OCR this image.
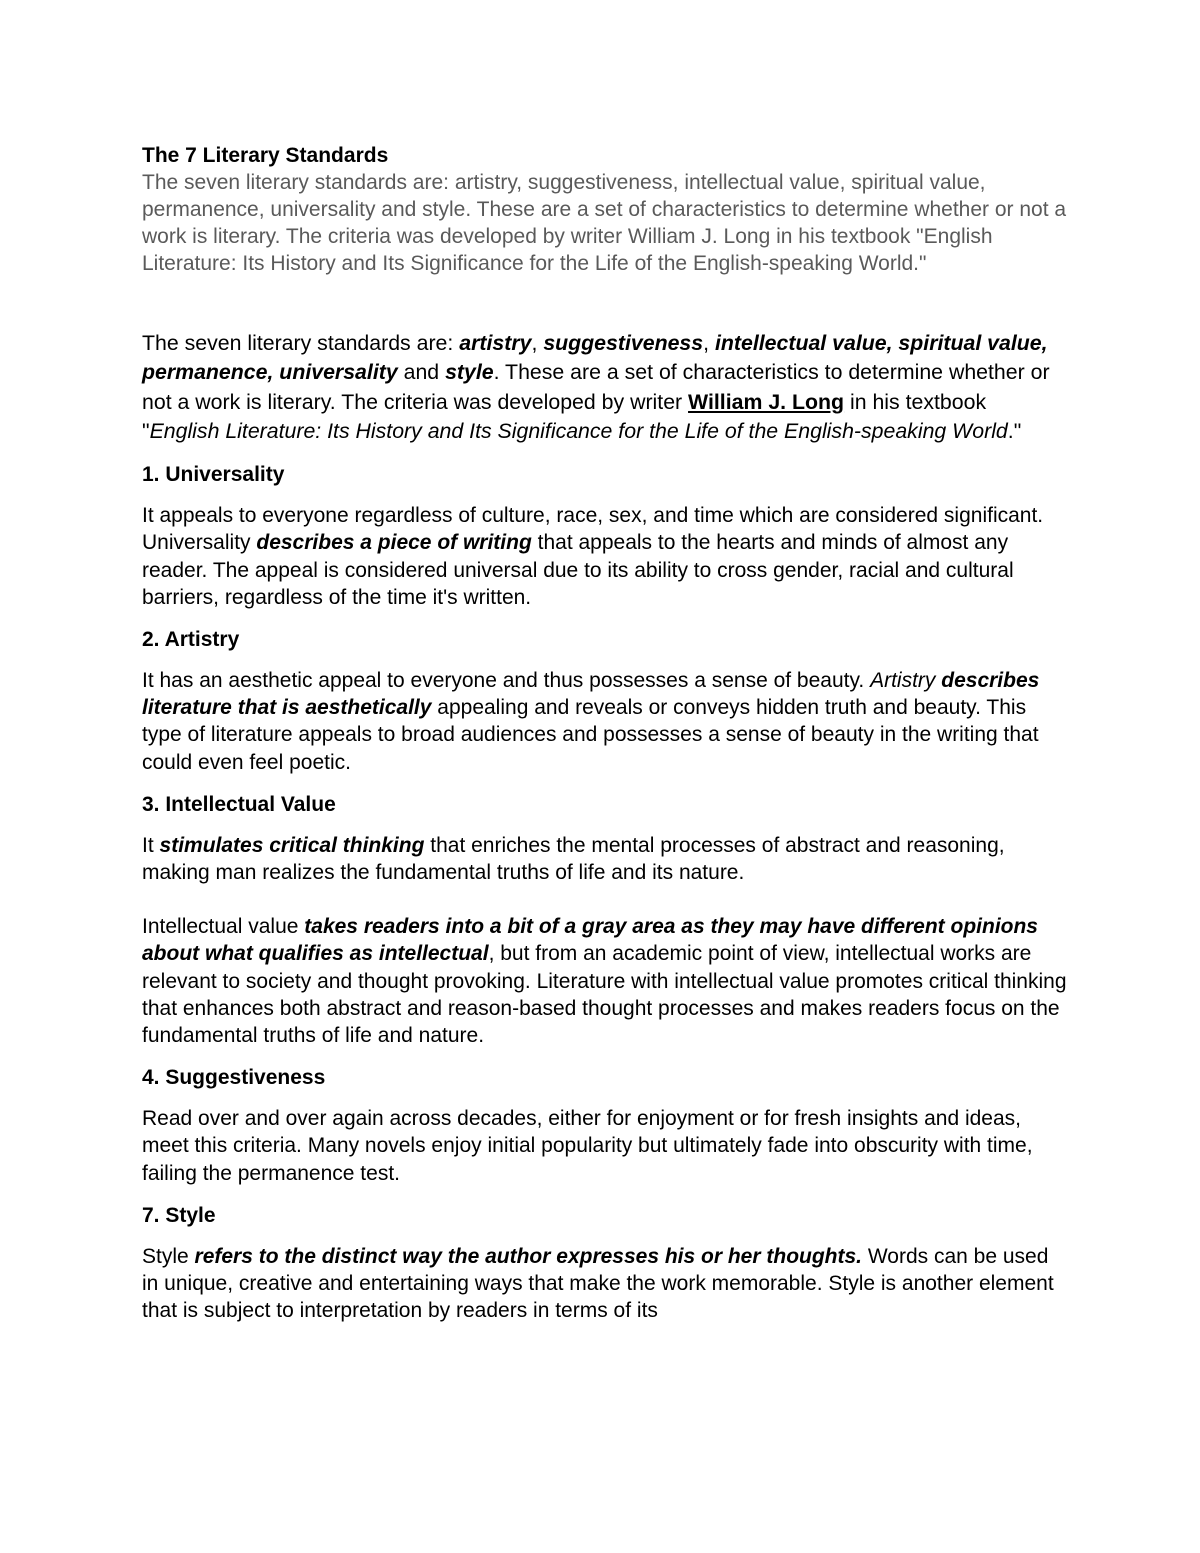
The 7 Literary Standards

The seven literary standards are: artistry, suggestiveness, intellectual value, spiritual value, permanence, universality and style. These are a set of characteristics to determine whether or not a work is literary. The criteria was developed by writer William J. Long in his textbook "English Literature: Its History and Its Significance for the Life of the English-speaking World."

The seven literary standards are: artistry, suggestiveness, intellectual value, spiritual value, permanence, universality and style. These are a set of characteristics to determine whether or not a work is literary. The criteria was developed by writer William J. Long in his textbook "English Literature: Its History and Its Significance for the Life of the English-speaking World."

1. Universality

It appeals to everyone regardless of culture, race, sex, and time which are considered significant. Universality describes a piece of writing that appeals to the hearts and minds of almost any reader. The appeal is considered universal due to its ability to cross gender, racial and cultural barriers, regardless of the time it's written.

2. Artistry

It has an aesthetic appeal to everyone and thus possesses a sense of beauty. Artistry describes literature that is aesthetically appealing and reveals or conveys hidden truth and beauty. This type of literature appeals to broad audiences and possesses a sense of beauty in the writing that could even feel poetic.

3. Intellectual Value

It stimulates critical thinking that enriches the mental processes of abstract and reasoning, making man realizes the fundamental truths of life and its nature.

Intellectual value takes readers into a bit of a gray area as they may have different opinions about what qualifies as intellectual, but from an academic point of view, intellectual works are relevant to society and thought provoking. Literature with intellectual value promotes critical thinking that enhances both abstract and reason-based thought processes and makes readers focus on the fundamental truths of life and nature.

4. Suggestiveness

Read over and over again across decades, either for enjoyment or for fresh insights and ideas, meet this criteria. Many novels enjoy initial popularity but ultimately fade into obscurity with time, failing the permanence test.

7. Style

Style refers to the distinct way the author expresses his or her thoughts. Words can be used in unique, creative and entertaining ways that make the work memorable. Style is another element that is subject to interpretation by readers in terms of its
